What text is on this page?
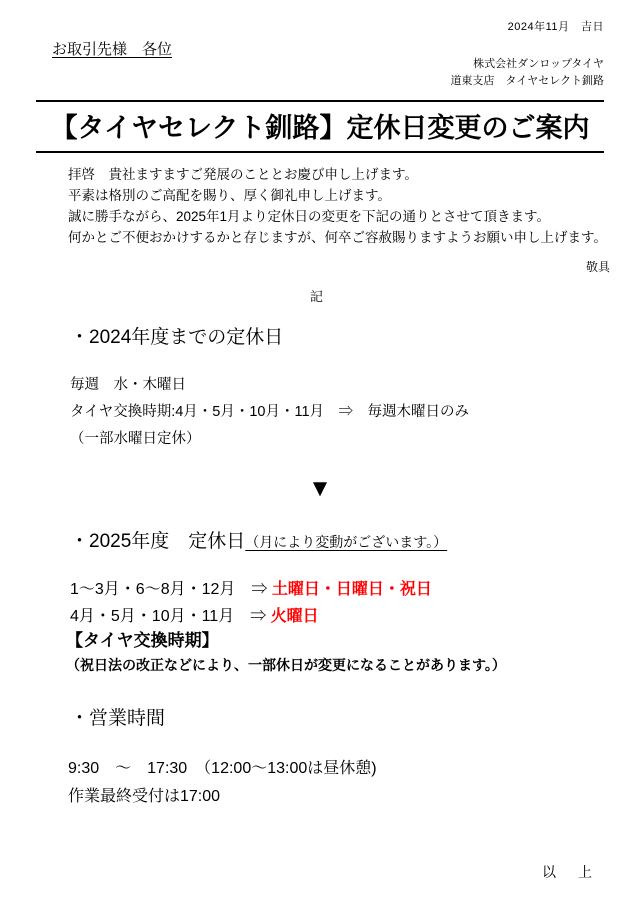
2024年11月　吉日
お取引先様　各位
株式会社ダンロップタイヤ
道東支店　タイヤセレクト釧路
【タイヤセレクト釧路】定休日変更のご案内
拝啓　貴社ますますご発展のこととお慶び申し上げます。
平素は格別のご高配を賜り、厚く御礼申し上げます。
誠に勝手ながら、2025年1月より定休日の変更を下記の通りとさせて頂きます。
何かとご不便おかけするかと存じますが、何卒ご容赦賜りますようお願い申し上げます。
敬具
記
・2024年度までの定休日
毎週　水・木曜日
タイヤ交換時期:4月・5月・10月・11月　⇒　毎週木曜日のみ
（一部水曜日定休）
▼
・2025年度　定休日（月により変動がございます。）
1〜3月・6〜8月・12月　⇒ 土曜日・日曜日・祝日
4月・5月・10月・11月　⇒ 火曜日
【タイヤ交換時期】
（祝日法の改正などにより、一部休日が変更になることがあります。）
・営業時間
9:30　〜　17:30　（12:00〜13:00は昼休憩)
作業最終受付は17:00
以　上
